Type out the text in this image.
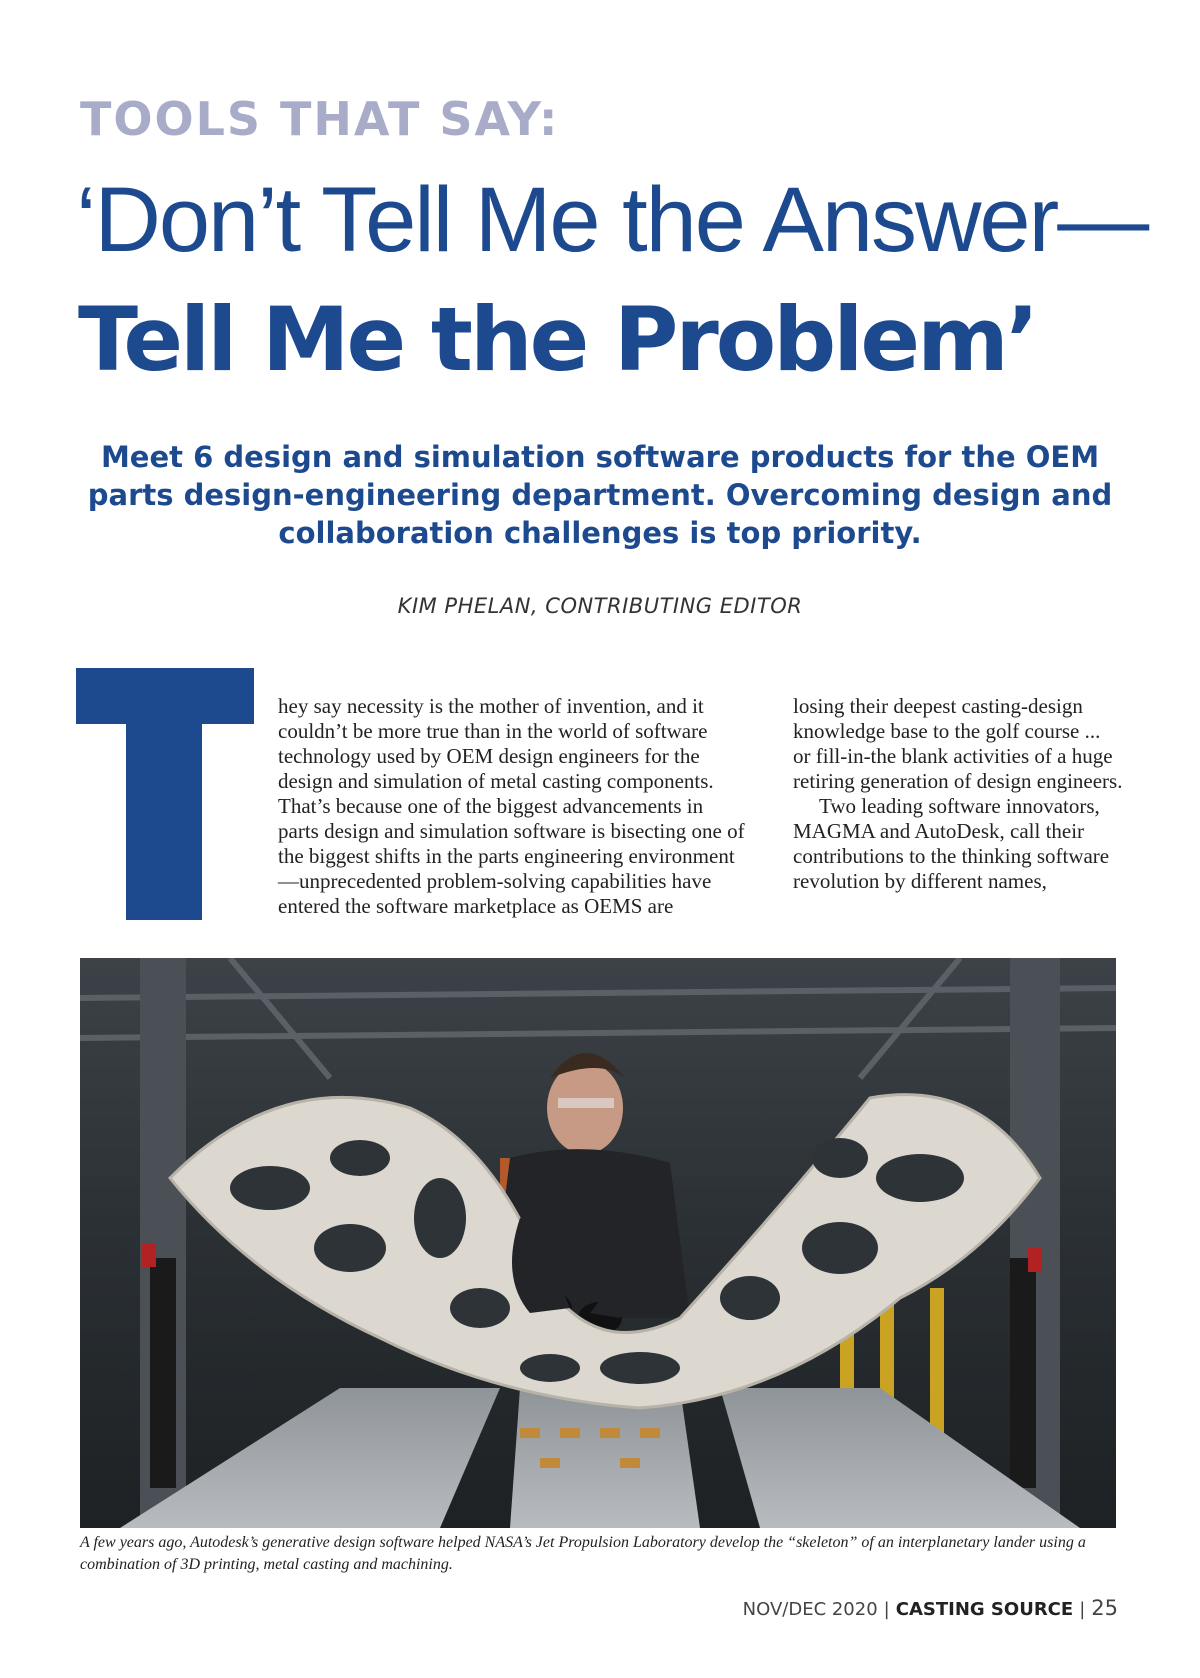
TOOLS THAT SAY:
‘Don’t Tell Me the Answer—
Tell Me the Problem’
Meet 6 design and simulation software products for the OEM parts design-engineering department. Overcoming design and collaboration challenges is top priority.
KIM PHELAN, CONTRIBUTING EDITOR

hey say necessity is the mother of invention, and it couldn’t be more true than in the world of software technology used by OEM design engineers for the design and simulation of metal casting components. That’s because one of the biggest advancements in parts design and simulation software is bisecting one of the biggest shifts in the parts engineering environment—unprecedented problem-solving capabilities have entered the software marketplace as OEMS are

losing their deepest casting-design knowledge base to the golf course ... or fill-in-the blank activities of a huge retiring generation of design engineers.

Two leading software innovators, MAGMA and AutoDesk, call their contributions to the thinking software revolution by different names,

A few years ago, Autodesk’s generative design software helped NASA’s Jet Propulsion Laboratory develop the “skeleton” of an interplanetary lander using a combination of 3D printing, metal casting and machining.
NOV/DEC 2020 | CASTING SOURCE | 25
